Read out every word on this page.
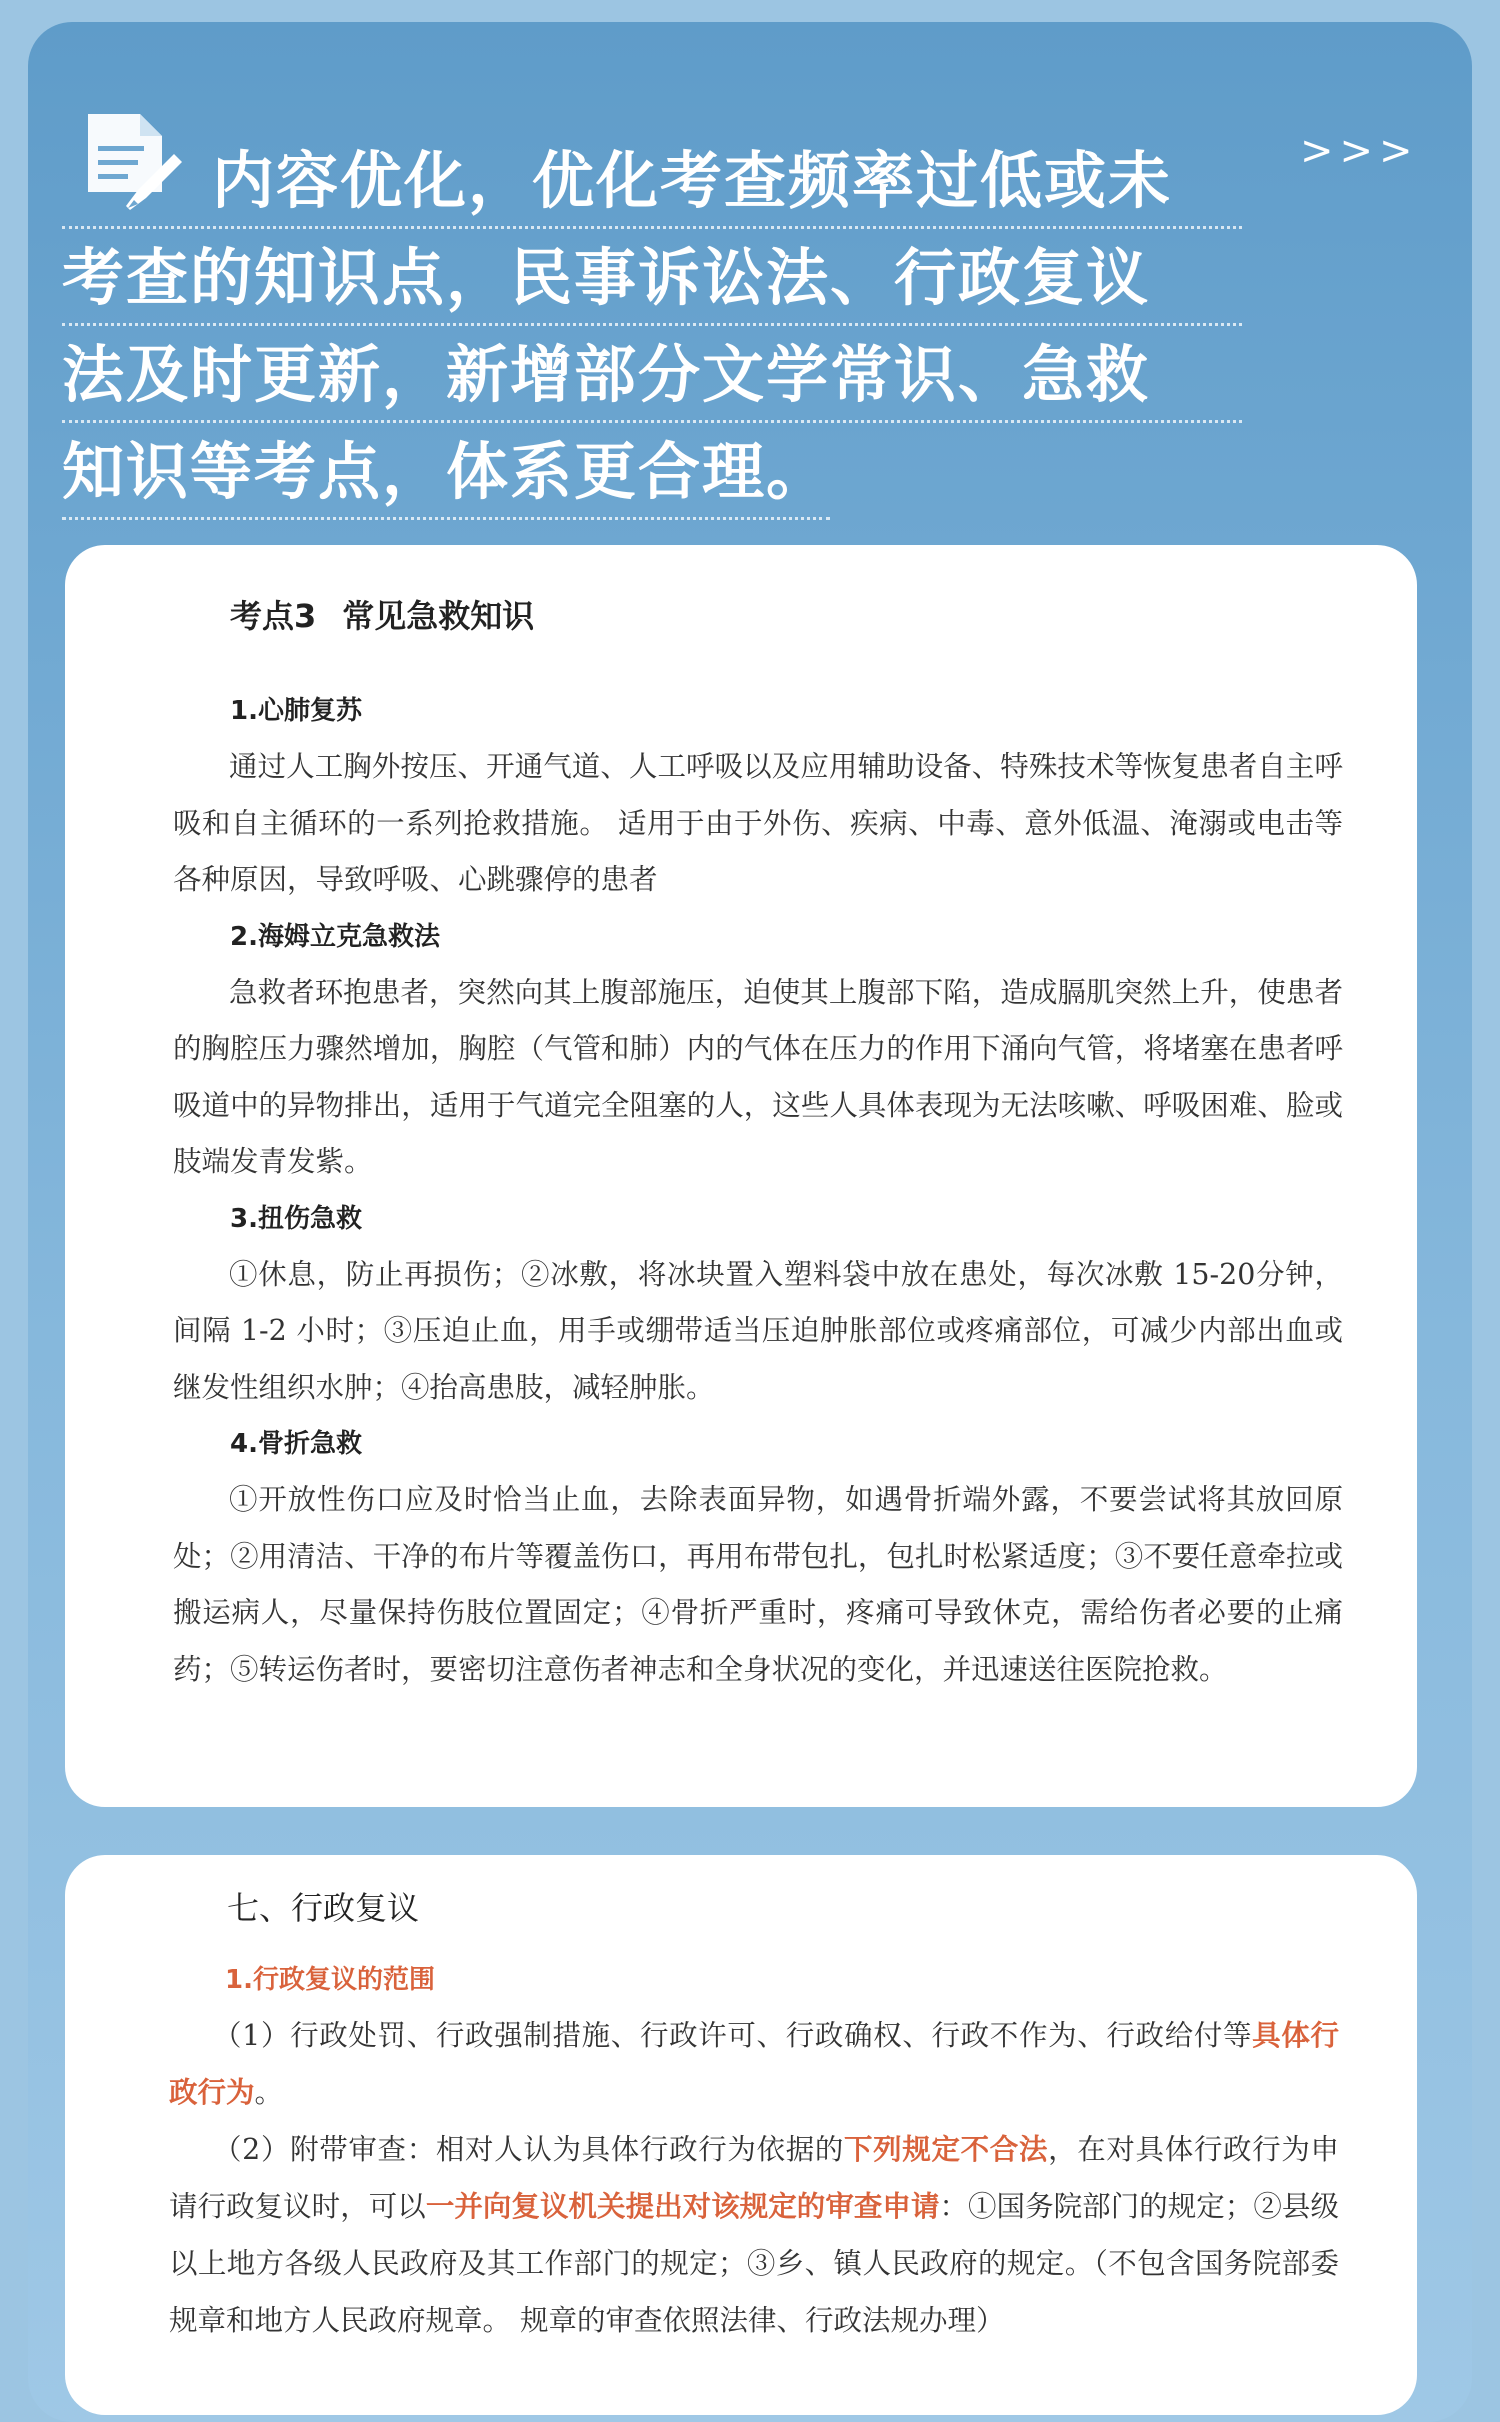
>>>
内容优化，优化考查频率过低或未
考查的知识点，民事诉讼法、行政复议
法及时更新，新增部分文学常识、急救
知识等考点，体系更合理。
考点3 常见急救知识
1.心肺复苏
通过人工胸外按压、开通气道、人工呼吸以及应用辅助设备、特殊技术等恢复患者自主呼吸和自主循环的一系列抢救措施。 适用于由于外伤、疾病、中毒、意外低温、淹溺或电击等各种原因，导致呼吸、心跳骤停的患者
2.海姆立克急救法
急救者环抱患者，突然向其上腹部施压，迫使其上腹部下陷，造成膈肌突然上升，使患者的胸腔压力骤然增加，胸腔（气管和肺）内的气体在压力的作用下涌向气管，将堵塞在患者呼吸道中的异物排出，适用于气道完全阻塞的人，这些人具体表现为无法咳嗽、呼吸困难、脸或肢端发青发紫。
3.扭伤急救
①休息，防止再损伤；②冰敷，将冰块置入塑料袋中放在患处，每次冰敷 15-20分钟，间隔 1-2 小时；③压迫止血，用手或绷带适当压迫肿胀部位或疼痛部位，可减少内部出血或继发性组织水肿；④抬高患肢，减轻肿胀。
4.骨折急救
①开放性伤口应及时恰当止血，去除表面异物，如遇骨折端外露，不要尝试将其放回原处；②用清洁、干净的布片等覆盖伤口，再用布带包扎，包扎时松紧适度；③不要任意牵拉或搬运病人，尽量保持伤肢位置固定；④骨折严重时，疼痛可导致休克，需给伤者必要的止痛药；⑤转运伤者时，要密切注意伤者神志和全身状况的变化，并迅速送往医院抢救。
七、行政复议
1.行政复议的范围
（1）行政处罚、行政强制措施、行政许可、行政确权、行政不作为、行政给付等具体行政行为。
（2）附带审查：相对人认为具体行政行为依据的下列规定不合法，在对具体行政行为申请行政复议时，可以一并向复议机关提出对该规定的审查申请：①国务院部门的规定；②县级以上地方各级人民政府及其工作部门的规定；③乡、镇人民政府的规定。（不包含国务院部委规章和地方人民政府规章。 规章的审查依照法律、行政法规办理）
